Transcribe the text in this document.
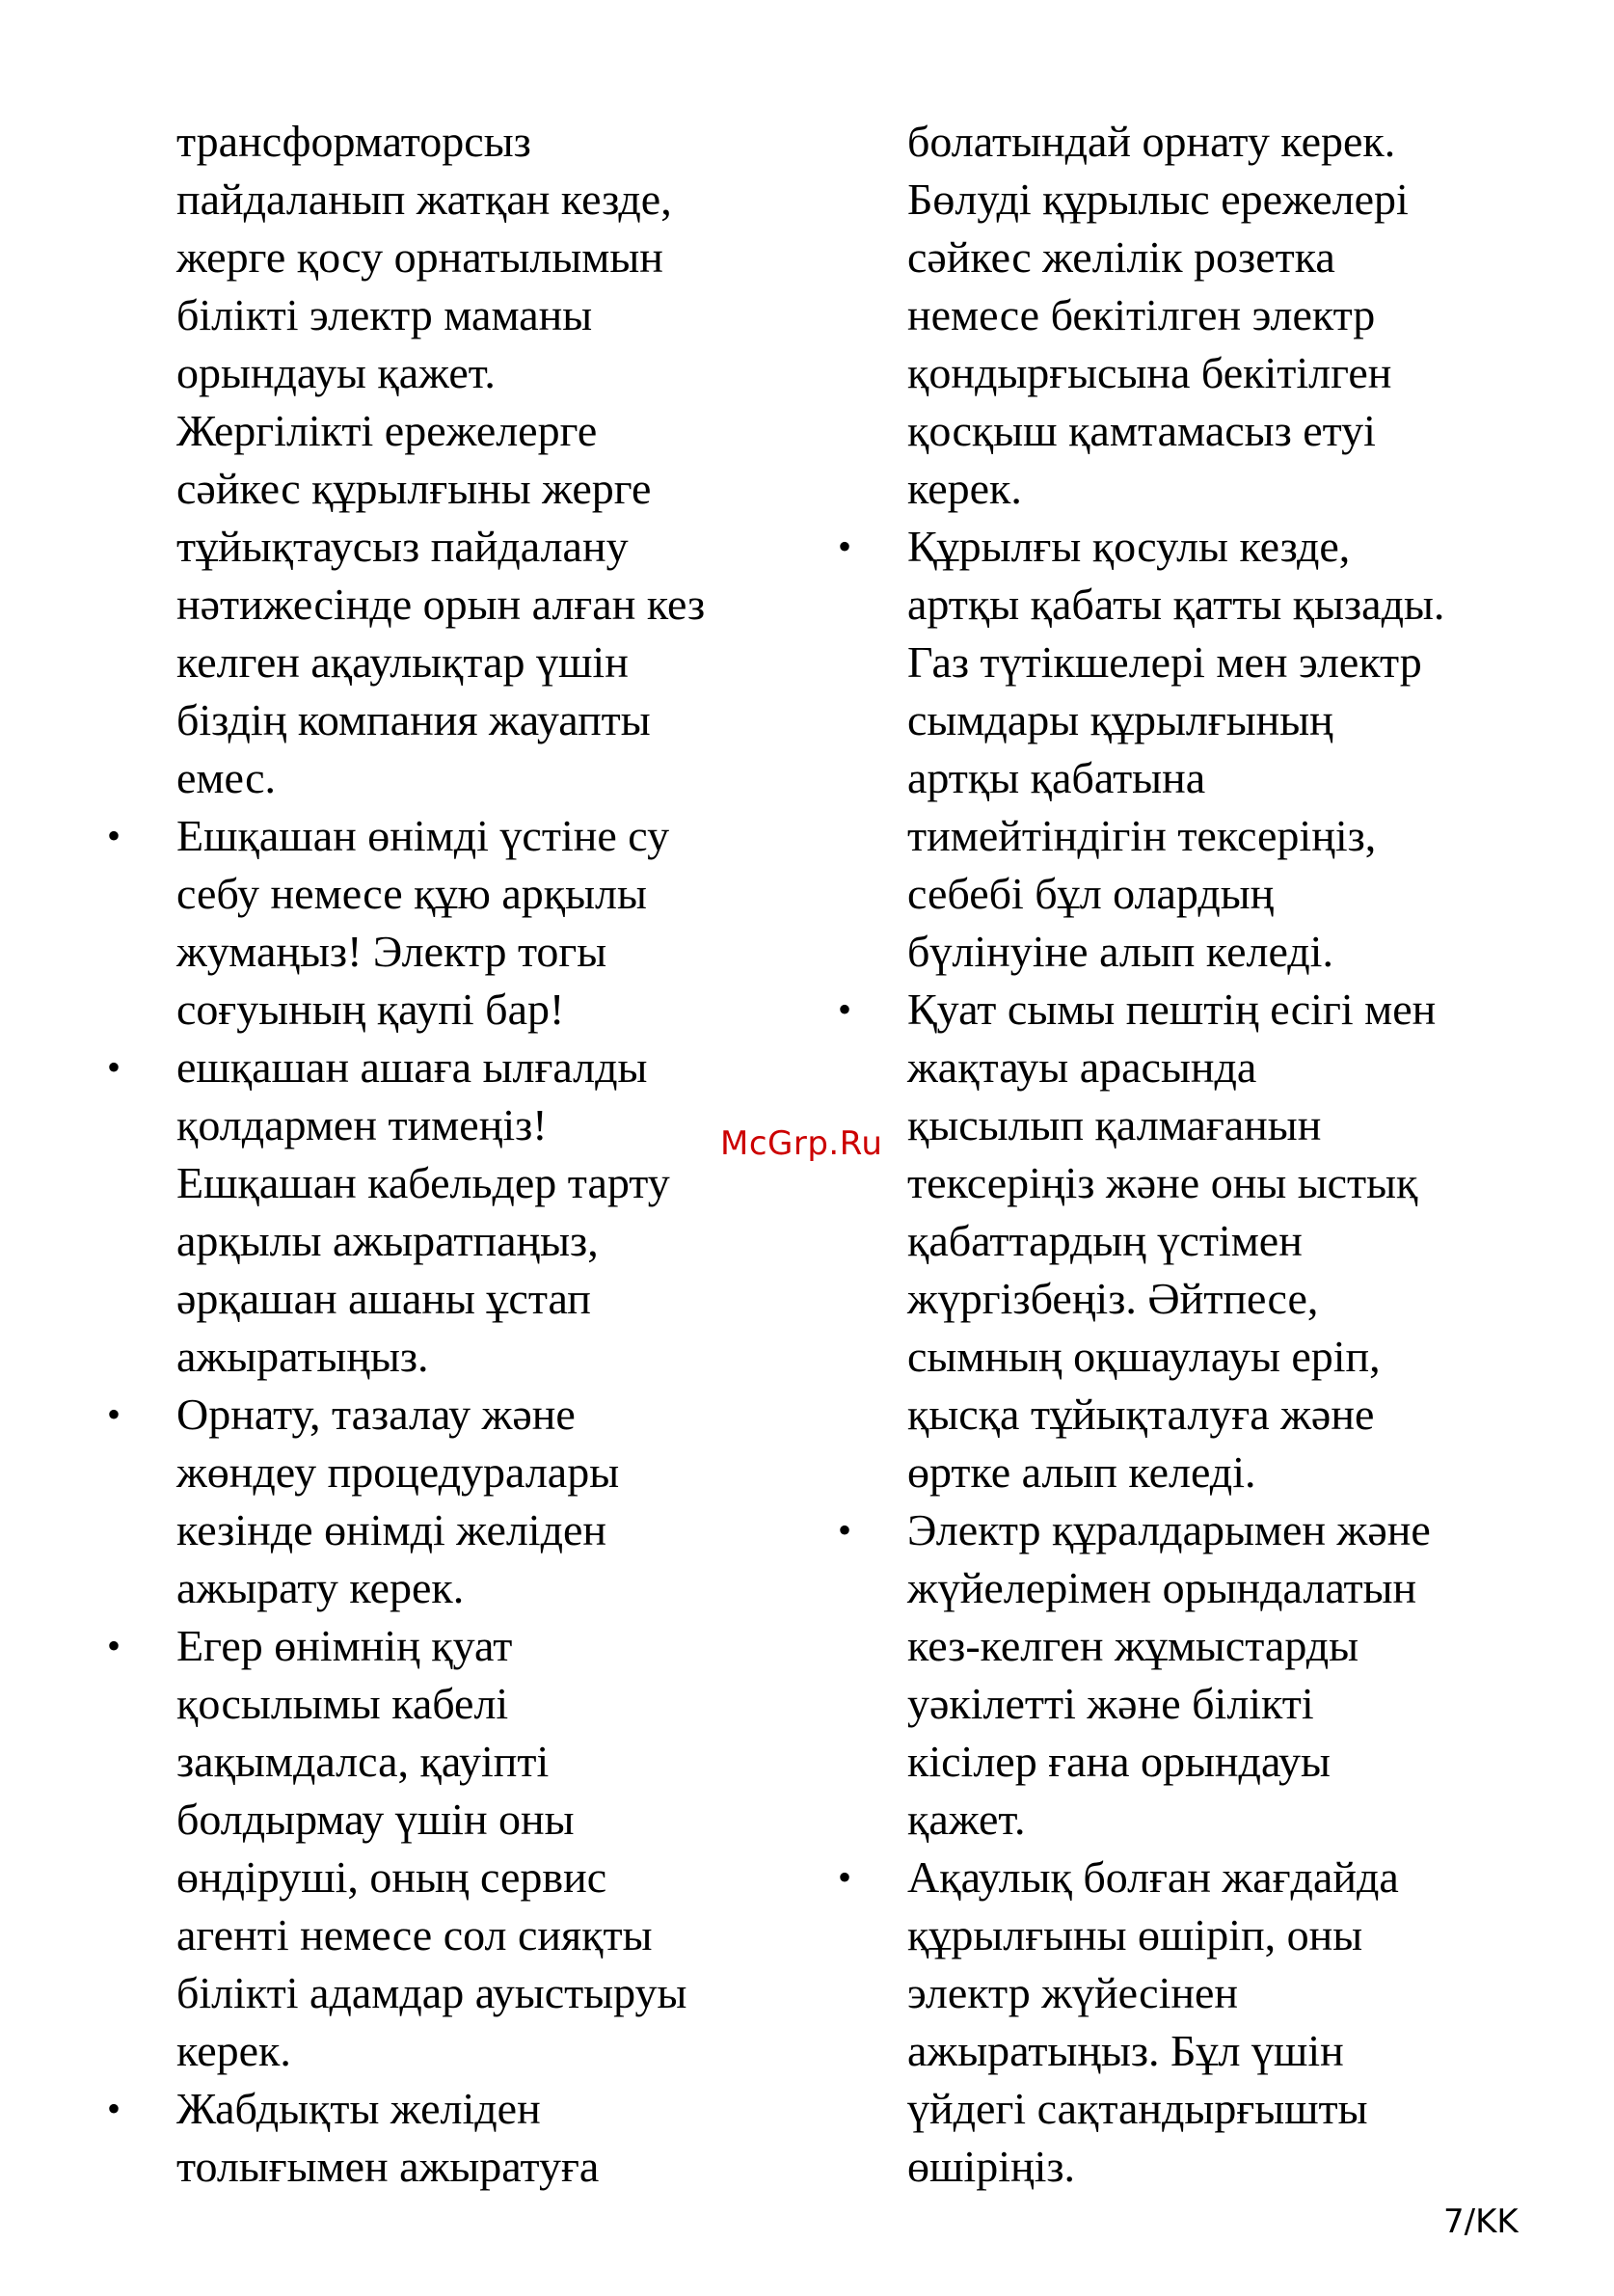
трансформаторсыз
пайдаланып жатқан кезде,
жерге қосу орнатылымын
білікті электр маманы
орындауы қажет.
Жергілікті ережелерге
сәйкес құрылғыны жерге
тұйықтаусыз пайдалану
нәтижесінде орын алған кез
келген ақаулықтар үшін
біздің компания жауапты
емес.

• Ешқашан өнімді үстіне су
себу немесе құю арқылы
жумаңыз! Электр тогы
соғуының қаупі бар!

• ешқашан ашаға ылғалды
қолдармен тимеңіз!
Ешқашан кабельдер тарту
арқылы ажыратпаңыз,
әрқашан ашаны ұстап
ажыратыңыз.

• Орнату, тазалау және
жөндеу процедуралары
кезінде өнімді желіден
ажырату керек.

• Егер өнімнің қуат
қосылымы кабелі
зақымдалса, қауіпті
болдырмау үшін оны
өндіруші, оның сервис
агенті немесе сол сияқты
білікті адамдар ауыстыруы
керек.

• Жабдықты желіден
толығымен ажыратуға

болатындай орнату керек.
Бөлуді құрылыс ережелері
сәйкес желілік розетка
немесе бекітілген электр
қондырғысына бекітілген
қосқыш қамтамасыз етуі
керек.

• Құрылғы қосулы кезде,
артқы қабаты қатты қызады.
Газ түтікшелері мен электр
сымдары құрылғының
артқы қабатына
тимейтіндігін тексеріңіз,
себебі бұл олардың
бүлінуіне алып келеді.

• Қуат сымы пештің есігі мен
жақтауы арасында
қысылып қалмағанын
тексеріңіз және оны ыстық
қабаттардың үстімен
жүргізбеңіз. Әйтпесе,
сымның оқшаулауы еріп,
қысқа тұйықталуға және
өртке алып келеді.

• Электр құралдарымен және
жүйелерімен орындалатын
кез-келген жұмыстарды
уәкілетті және білікті
кісілер ғана орындауы
қажет.

• Ақаулық болған жағдайда
құрылғыны өшіріп, оны
электр жүйесінен
ажыратыңыз. Бұл үшін
үйдегі сақтандырғышты
өшіріңіз.

McGrp.Ru
7/KK
